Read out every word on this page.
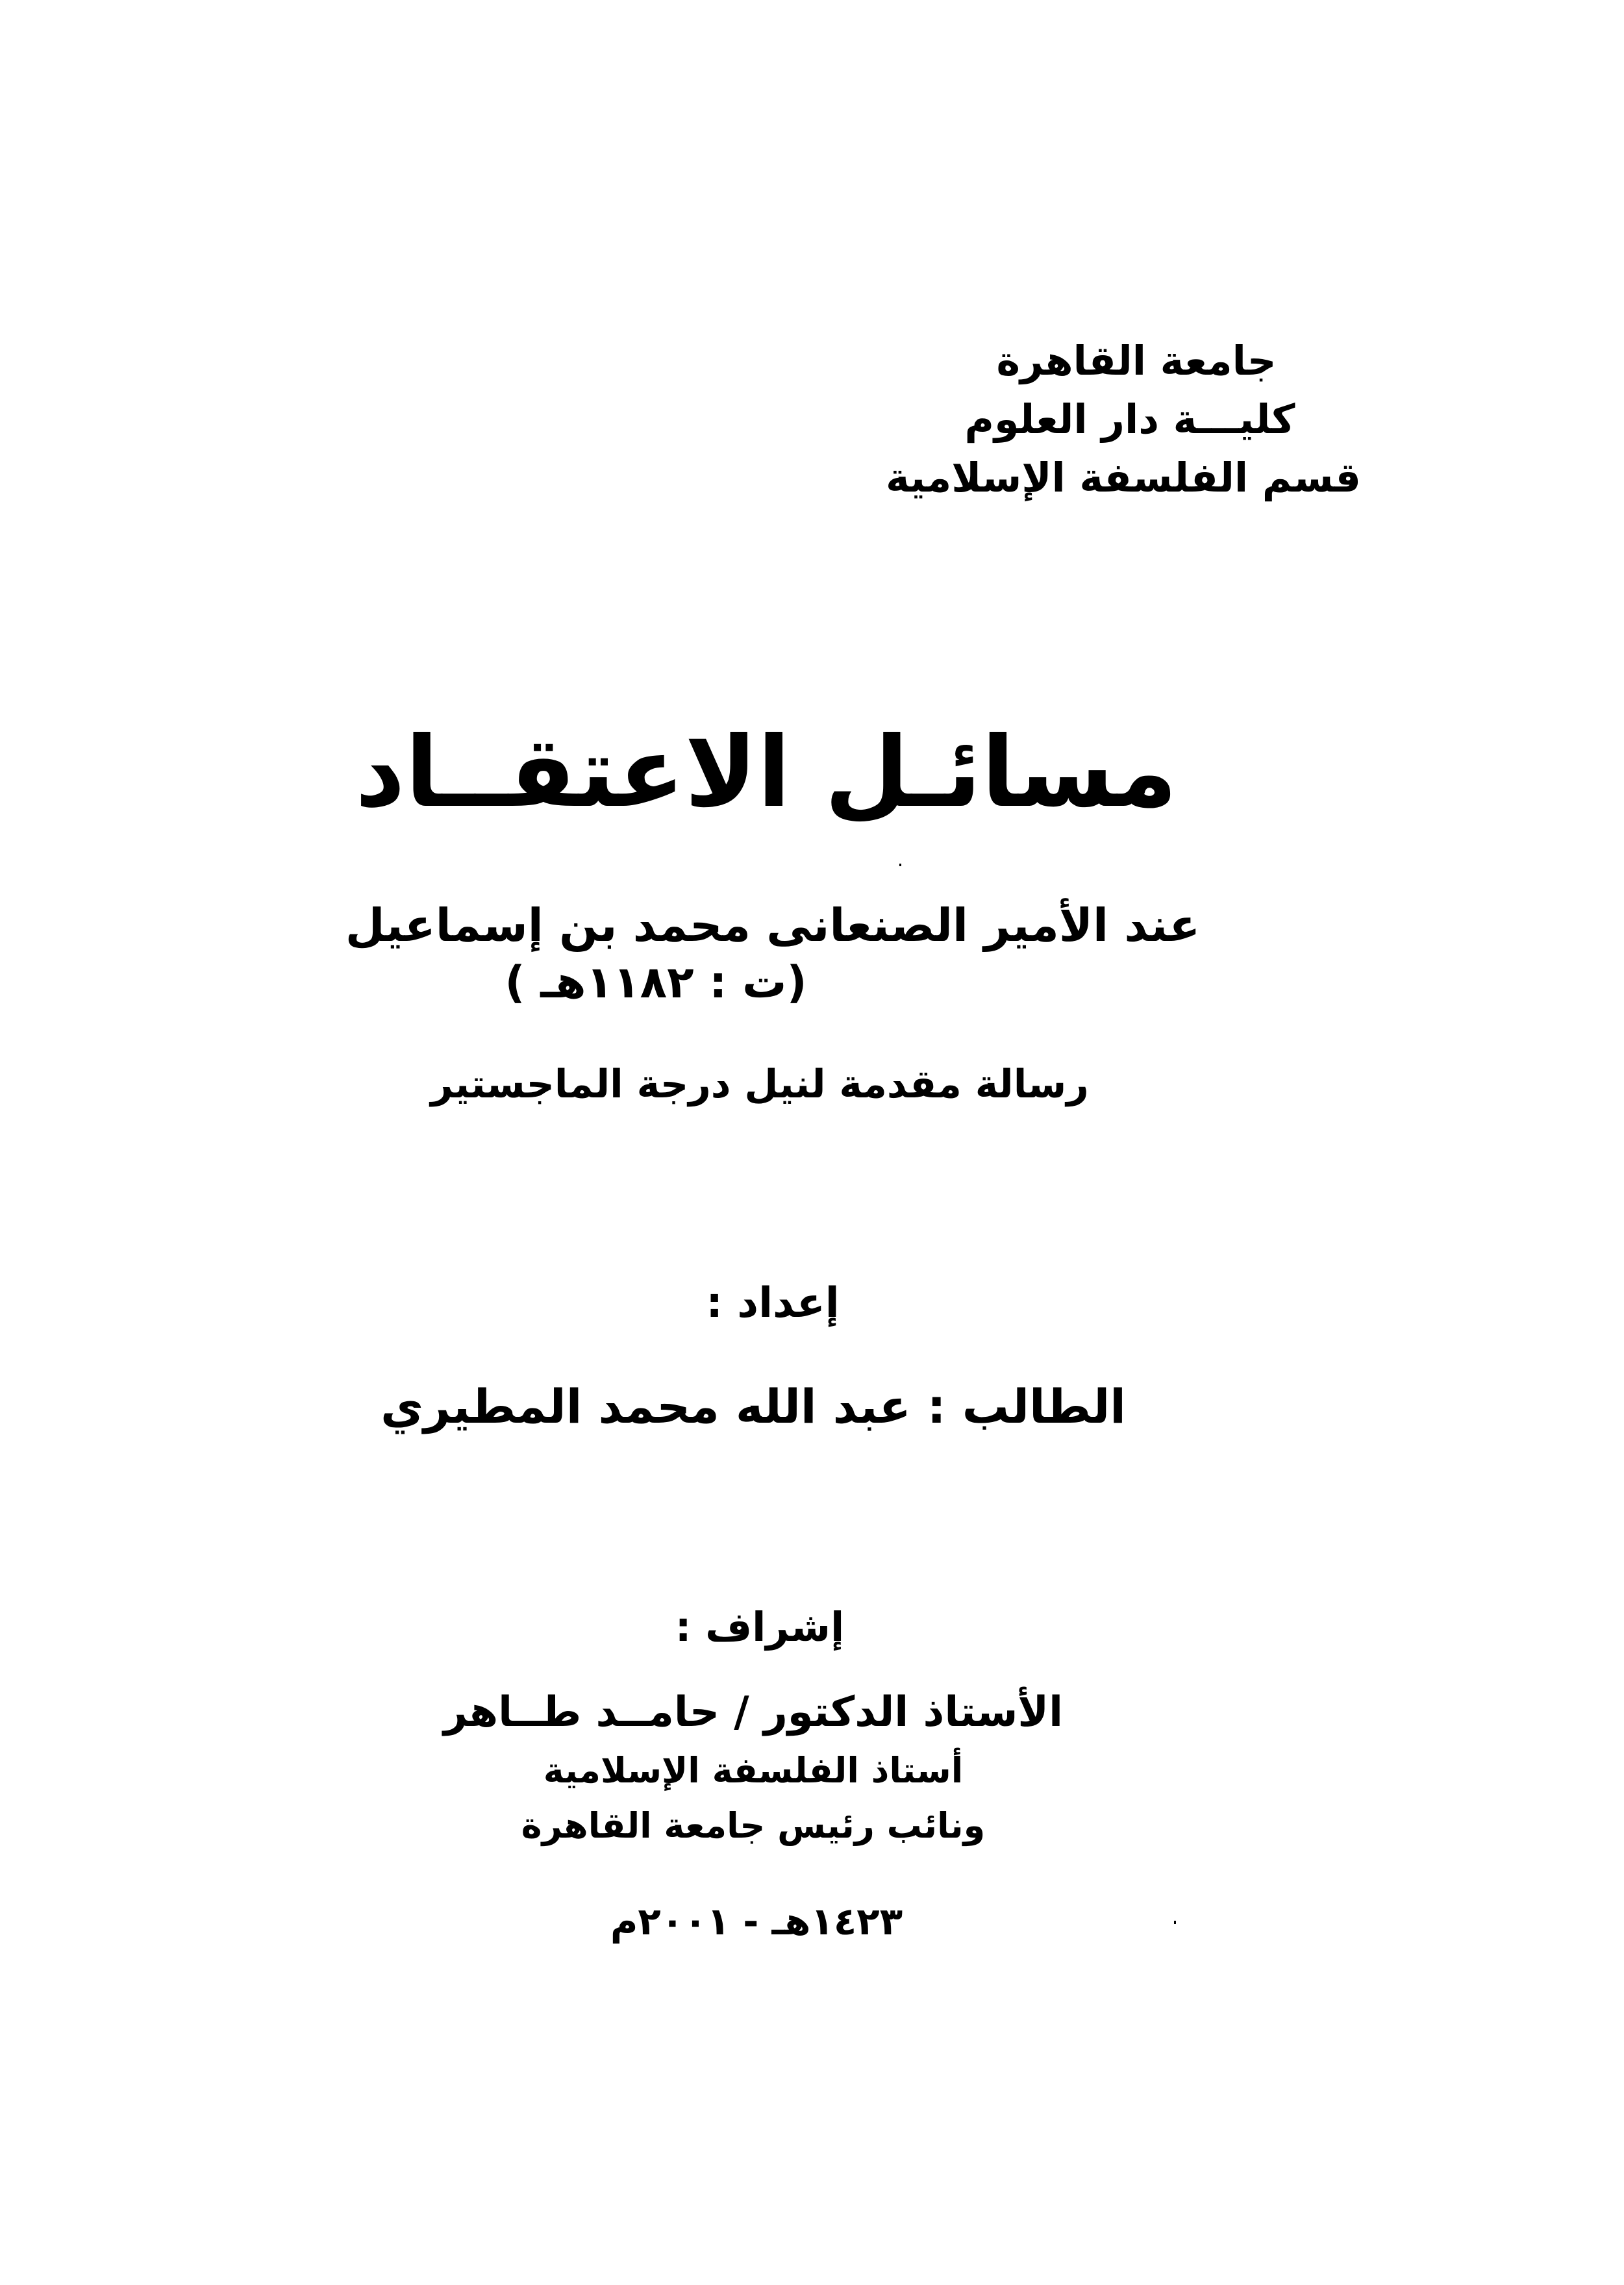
جامعة القاهرة
كليـــة دار العلوم
قسم الفلسفة الإسلامية
مسائـل الاعتقــاد
عند الأمير الصنعانى محمد بن إسماعيل
(ت : ١١٨٢هـ )
رسالة مقدمة لنيل درجة الماجستير
إعداد :
الطالب : عبد الله محمد المطيري
إشراف :
الأستاذ الدكتور / حامــد طــاهر
أستاذ الفلسفة الإسلامية
ونائب رئيس جامعة القاهرة
١٤٢٣هـ - ٢٠٠١م
